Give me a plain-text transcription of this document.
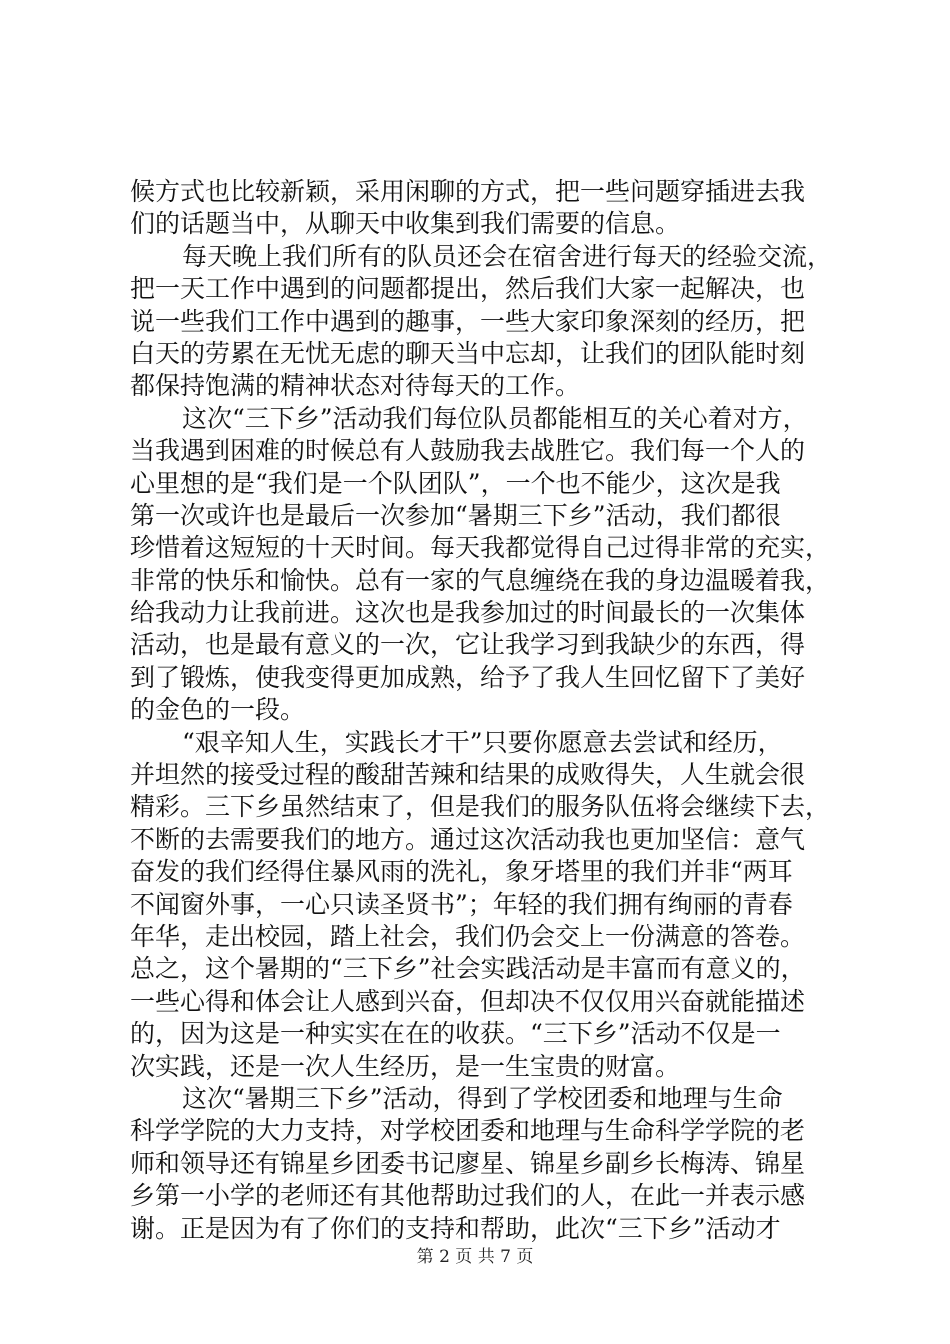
候方式也比较新颖，采用闲聊的方式，把一些问题穿插进去我
们的话题当中，从聊天中收集到我们需要的信息。
每天晚上我们所有的队员还会在宿舍进行每天的经验交流，
把一天工作中遇到的问题都提出，然后我们大家一起解决，也
说一些我们工作中遇到的趣事，一些大家印象深刻的经历，把
白天的劳累在无忧无虑的聊天当中忘却，让我们的团队能时刻
都保持饱满的精神状态对待每天的工作。
这次“三下乡”活动我们每位队员都能相互的关心着对方，
当我遇到困难的时候总有人鼓励我去战胜它。我们每一个人的
心里想的是“我们是一个队团队”，一个也不能少，这次是我
第一次或许也是最后一次参加“暑期三下乡”活动，我们都很
珍惜着这短短的十天时间。每天我都觉得自己过得非常的充实，
非常的快乐和愉快。总有一家的气息缠绕在我的身边温暖着我，
给我动力让我前进。这次也是我参加过的时间最长的一次集体
活动，也是最有意义的一次，它让我学习到我缺少的东西，得
到了锻炼，使我变得更加成熟，给予了我人生回忆留下了美好
的金色的一段。
“艰辛知人生，实践长才干”只要你愿意去尝试和经历，
并坦然的接受过程的酸甜苦辣和结果的成败得失，人生就会很
精彩。三下乡虽然结束了，但是我们的服务队伍将会继续下去，
不断的去需要我们的地方。通过这次活动我也更加坚信：意气
奋发的我们经得住暴风雨的洗礼，象牙塔里的我们并非“两耳
不闻窗外事，一心只读圣贤书”；年轻的我们拥有绚丽的青春
年华，走出校园，踏上社会，我们仍会交上一份满意的答卷。
总之，这个暑期的“三下乡”社会实践活动是丰富而有意义的，
一些心得和体会让人感到兴奋，但却决不仅仅用兴奋就能描述
的，因为这是一种实实在在的收获。“三下乡”活动不仅是一
次实践，还是一次人生经历，是一生宝贵的财富。
这次“暑期三下乡”活动，得到了学校团委和地理与生命
科学学院的大力支持，对学校团委和地理与生命科学学院的老
师和领导还有锦星乡团委书记廖星、锦星乡副乡长梅涛、锦星
乡第一小学的老师还有其他帮助过我们的人，在此一并表示感
谢。正是因为有了你们的支持和帮助，此次“三下乡”活动才
第 2 页 共 7 页
